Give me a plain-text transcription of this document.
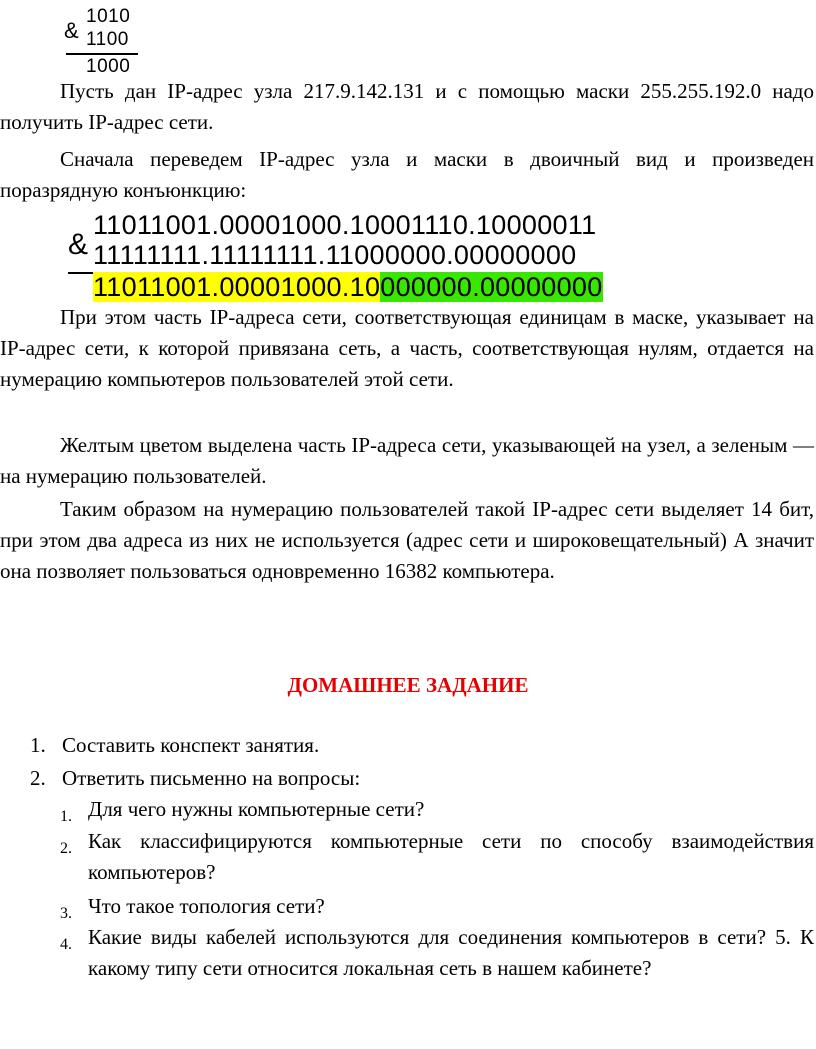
&
1010
1100
1000

Пусть дан IP-адрес узла 217.9.142.131 и с помощью маски 255.255.192.0 надо получить IP-адрес сети.

Сначала переведем IP-адрес узла и маски в двоичный вид и произведен поразрядную конъюнкцию:

&
11011001.00001000.10001110.10000011
11111111.11111111.11000000.00000000
11011001.00001000.10000000.00000000

При этом часть IP-адреса сети, соответствующая единицам в маске, указывает на IP-адрес сети, к которой привязана сеть, а часть, соответствующая нулям, отдается на нумерацию компьютеров пользователей этой сети.

Желтым цветом выделена часть IP-адреса сети, указывающей на узел, а зеленым — на нумерацию пользователей.

Таким образом на нумерацию пользователей такой IP-адрес сети выделяет 14 бит, при этом два адреса из них не используется (адрес сети и широковещательный) А значит она позволяет пользоваться одновременно 16382 компьютера.

ДОМАШНЕЕ ЗАДАНИЕ
1. Составить конспект занятия.
2. Ответить письменно на вопросы:
1. Для чего нужны компьютерные сети?
2. Как классифицируются компьютерные сети по способу взаимодействия компьютеров?
3. Что такое топология сети?
4. Какие виды кабелей используются для соединения компьютеров в сети? 5. К какому типу сети относится локальная сеть в нашем кабинете?
